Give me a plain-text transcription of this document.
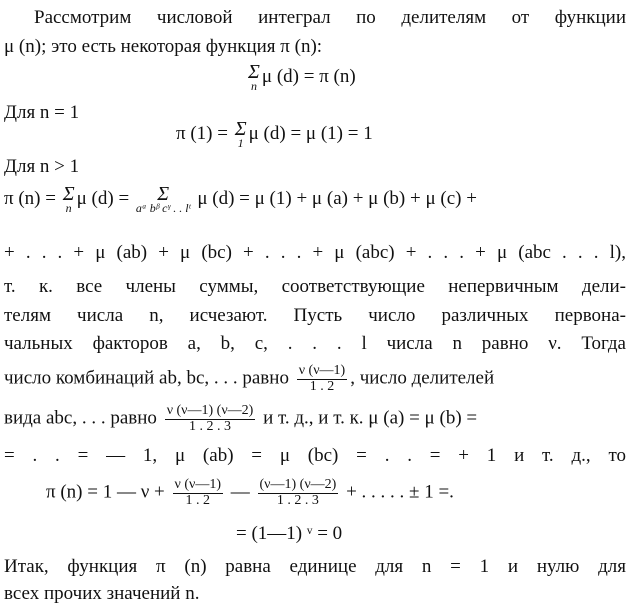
Рассмотрим числовой интеграл по делителям от функции
μ (n); это есть некоторая функция π (n):
Σ
n μ (d) = π (n)
Для n = 1
π (1) = Σ
1 μ (d) = μ (1) = 1
Для n > 1
π (n) = Σ
n μ (d) =	Σ
aᵃ bᵝ cᵞ . . lᵗ μ (d) = μ (1) + μ (a) + μ (b) + μ (c) +
+ . . . + μ (ab) + μ (bc) + . . . + μ (abc) + . . . + μ (abc . . . l),
т. к. все члены суммы, соответствующие непервичным дели-
телям числа n, исчезают. Пусть число различных первона-
чальных факторов a, b, c, . . . l числа n равно ν. Тогда
число комбинаций ab, bc, . . . равно $\frac{\nu (\nu—1)}{1 . 2}$ , число делителей
вида abc, . . . равно $\frac{\nu (\nu—1) (\nu—2)}{1 . 2 . 3}$ и т. д., и т. к. μ (a) = μ (b) =
= . . = — 1, μ (ab) = μ (bc) = . . = + 1 и т. д., то
π (n) = 1 — $\nu + \frac{\nu (\nu—1)}{1 . 2}$ — $\frac{(\nu—1) (\nu—2)}{1 . 2 . 3}$ + . . . . . ± 1 =.
= (1—1) ᵛ = 0
Итак, функция π (n) равна единице для n = 1 и нулю для
всех прочих значений n.
